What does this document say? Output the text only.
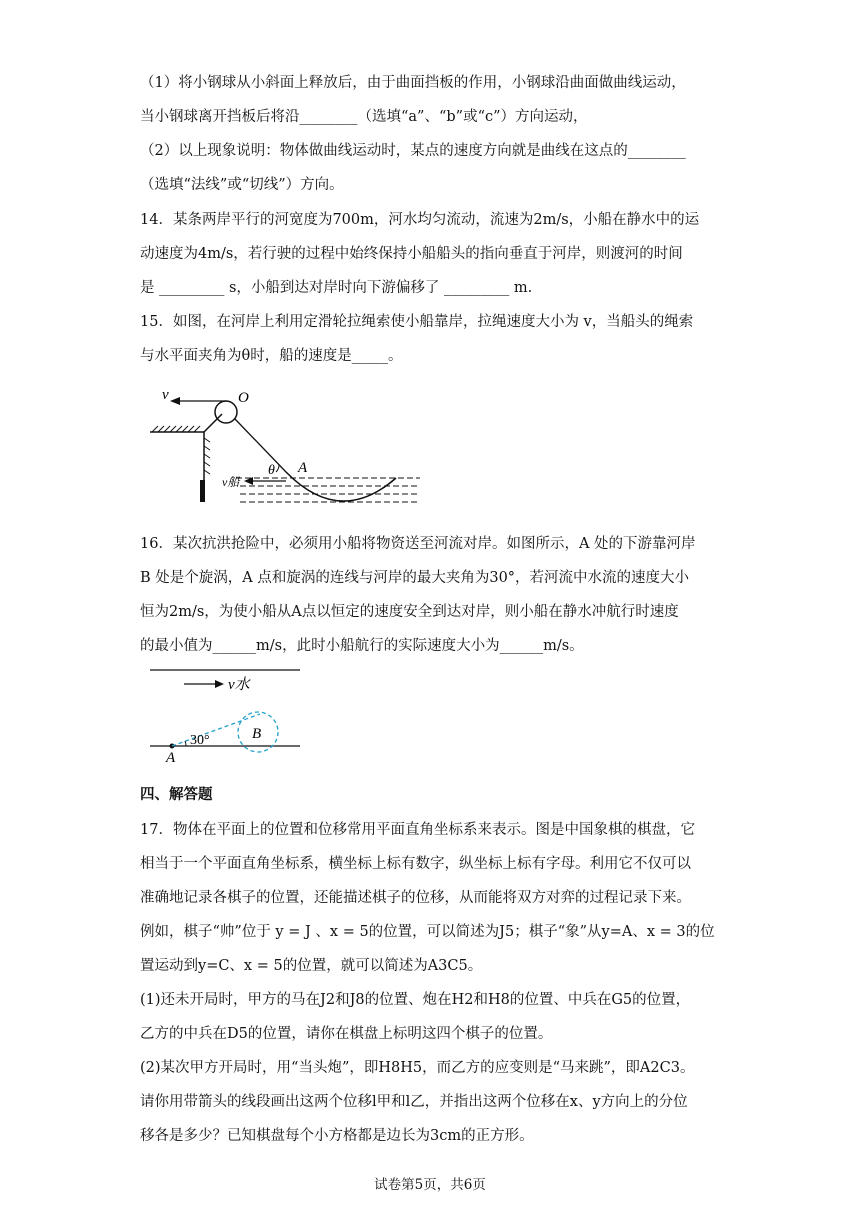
（1）将小钢球从小斜面上释放后，由于曲面挡板的作用，小钢球沿曲面做曲线运动，
当小钢球离开挡板后将沿________（选填“a”、“b”或“c”）方向运动，
（2）以上现象说明：物体做曲线运动时，某点的速度方向就是曲线在这点的________
（选填“法线”或“切线”）方向。
14．某条两岸平行的河宽度为700m，河水均匀流动，流速为2m/s，小船在静水中的运
动速度为4m/s，若行驶的过程中始终保持小船船头的指向垂直于河岸，则渡河的时间
是 _________ s，小船到达对岸时向下游偏移了 _________ m.
15．如图，在河岸上利用定滑轮拉绳索使小船靠岸，拉绳速度大小为 v，当船头的绳索
与水平面夹角为θ时，船的速度是_____。
v	O
θ A
v船
16．某次抗洪抢险中，必须用小船将物资送至河流对岸。如图所示，A 处的下游靠河岸
B 处是个旋涡，A 点和旋涡的连线与河岸的最大夹角为30°，若河流中水流的速度大小
恒为2m/s，为使小船从A点以恒定的速度安全到达对岸，则小船在静水冲航行时速度
的最小值为______m/s，此时小船航行的实际速度大小为______m/s。
v水
B
30°
A
四、解答题
17．物体在平面上的位置和位移常用平面直角坐标系来表示。图是中国象棋的棋盘，它
相当于一个平面直角坐标系，横坐标上标有数字，纵坐标上标有字母。利用它不仅可以
准确地记录各棋子的位置，还能描述棋子的位移，从而能将双方对弈的过程记录下来。
例如，棋子“帅”位于 y = J 、x = 5的位置，可以简述为J5；棋子“象”从y=A、x = 3的位
置运动到y=C、x = 5的位置，就可以简述为A3C5。
(1)还未开局时，甲方的马在J2和J8的位置、炮在H2和H8的位置、中兵在G5的位置，
乙方的中兵在D5的位置，请你在棋盘上标明这四个棋子的位置。
(2)某次甲方开局时，用“当头炮”，即H8H5，而乙方的应变则是“马来跳”，即A2C3。
请你用带箭头的线段画出这两个位移l甲和l乙，并指出这两个位移在x、y方向上的分位
移各是多少？已知棋盘每个小方格都是边长为3cm的正方形。
试卷第5页，共6页
